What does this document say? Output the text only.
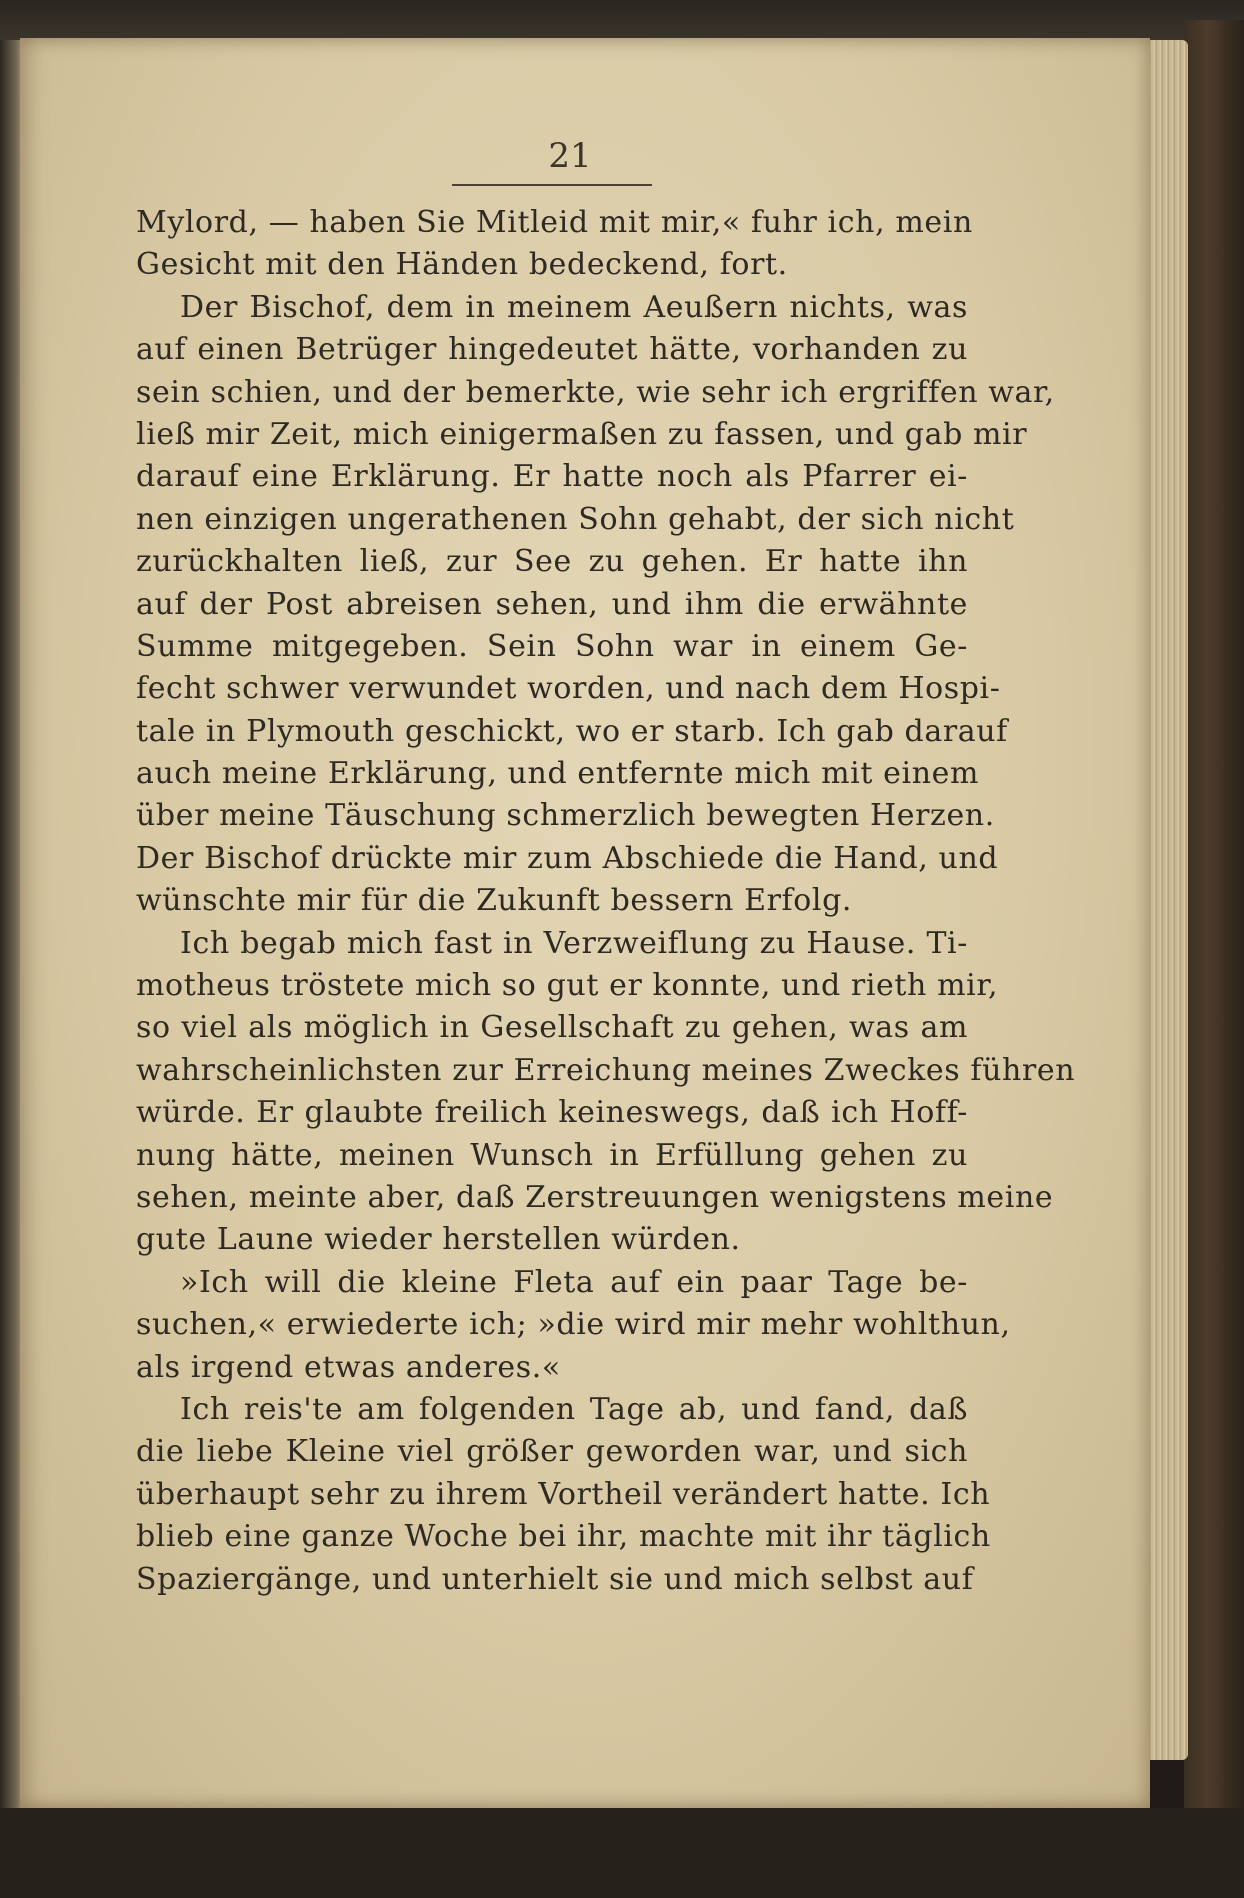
21
Mylord, — haben Sie Mitleid mit mir,« fuhr ich, mein
Gesicht mit den Händen bedeckend, fort.
Der Bischof, dem in meinem Aeußern nichts, was
auf einen Betrüger hingedeutet hätte, vorhanden zu
sein schien, und der bemerkte, wie sehr ich ergriffen war,
ließ mir Zeit, mich einigermaßen zu fassen, und gab mir
darauf eine Erklärung. Er hatte noch als Pfarrer ei-
nen einzigen ungerathenen Sohn gehabt, der sich nicht
zurückhalten ließ, zur See zu gehen. Er hatte ihn
auf der Post abreisen sehen, und ihm die erwähnte
Summe mitgegeben. Sein Sohn war in einem Ge-
fecht schwer verwundet worden, und nach dem Hospi-
tale in Plymouth geschickt, wo er starb. Ich gab darauf
auch meine Erklärung, und entfernte mich mit einem
über meine Täuschung schmerzlich bewegten Herzen.
Der Bischof drückte mir zum Abschiede die Hand, und
wünschte mir für die Zukunft bessern Erfolg.
Ich begab mich fast in Verzweiflung zu Hause. Ti-
motheus tröstete mich so gut er konnte, und rieth mir,
so viel als möglich in Gesellschaft zu gehen, was am
wahrscheinlichsten zur Erreichung meines Zweckes führen
würde. Er glaubte freilich keineswegs, daß ich Hoff-
nung hätte, meinen Wunsch in Erfüllung gehen zu
sehen, meinte aber, daß Zerstreuungen wenigstens meine
gute Laune wieder herstellen würden.
»Ich will die kleine Fleta auf ein paar Tage be-
suchen,« erwiederte ich; »die wird mir mehr wohlthun,
als irgend etwas anderes.«
Ich reis'te am folgenden Tage ab, und fand, daß
die liebe Kleine viel größer geworden war, und sich
überhaupt sehr zu ihrem Vortheil verändert hatte. Ich
blieb eine ganze Woche bei ihr, machte mit ihr täglich
Spaziergänge, und unterhielt sie und mich selbst auf
